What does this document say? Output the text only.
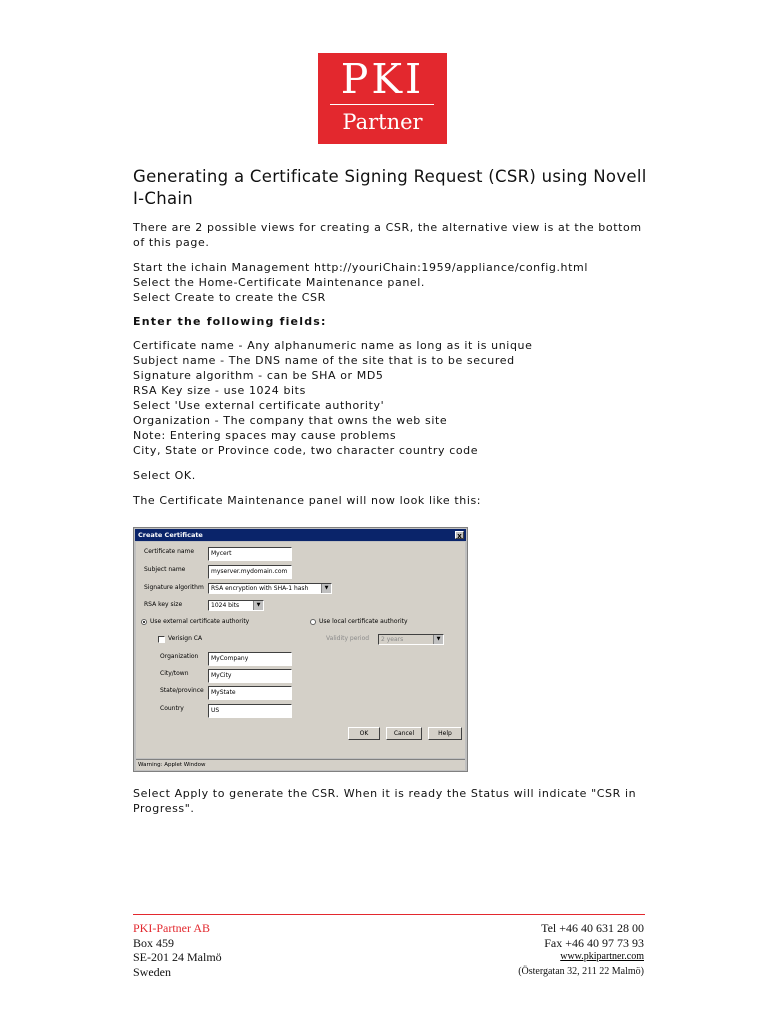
PKI
Partner
Generating a Certificate Signing Request (CSR) using Novell I-Chain

There are 2 possible views for creating a CSR, the alternative view is at the bottom of this page.

Start the ichain Management http://youriChain:1959/appliance/config.html
Select the Home-Certificate Maintenance panel.
Select Create to create the CSR

Enter the following fields:

Certificate name - Any alphanumeric name as long as it is unique
Subject name - The DNS name of the site that is to be secured
Signature algorithm - can be SHA or MD5
RSA Key size - use 1024 bits
Select 'Use external certificate authority'
Organization - The company that owns the web site
Note: Entering spaces may cause problems
City, State or Province code, two character country code

Select OK.

The Certificate Maintenance panel will now look like this:

Create Certificate	x
Certificate name	Mycert
Subject name	myserver.mydomain.com
Signature algorithm	RSA encryption with SHA-1 hash	▼
RSA key size	1024 bits	▼
Use external certificate authority	Use local certificate authority
Verisign CA	Validity period	2 years	▼
Organization	MyCompany
City/town	MyCity
State/province	MyState
Country	US
OK	Cancel	Help
Warning: Applet Window

Select Apply to generate the CSR. When it is ready the Status will indicate "CSR in Progress".

PKI-Partner AB
Box 459
SE-201 24 Malmö
Sweden
Tel +46 40 631 28 00
Fax +46 40 97 73 93
www.pkipartner.com
(Östergatan 32, 211 22 Malmö)
